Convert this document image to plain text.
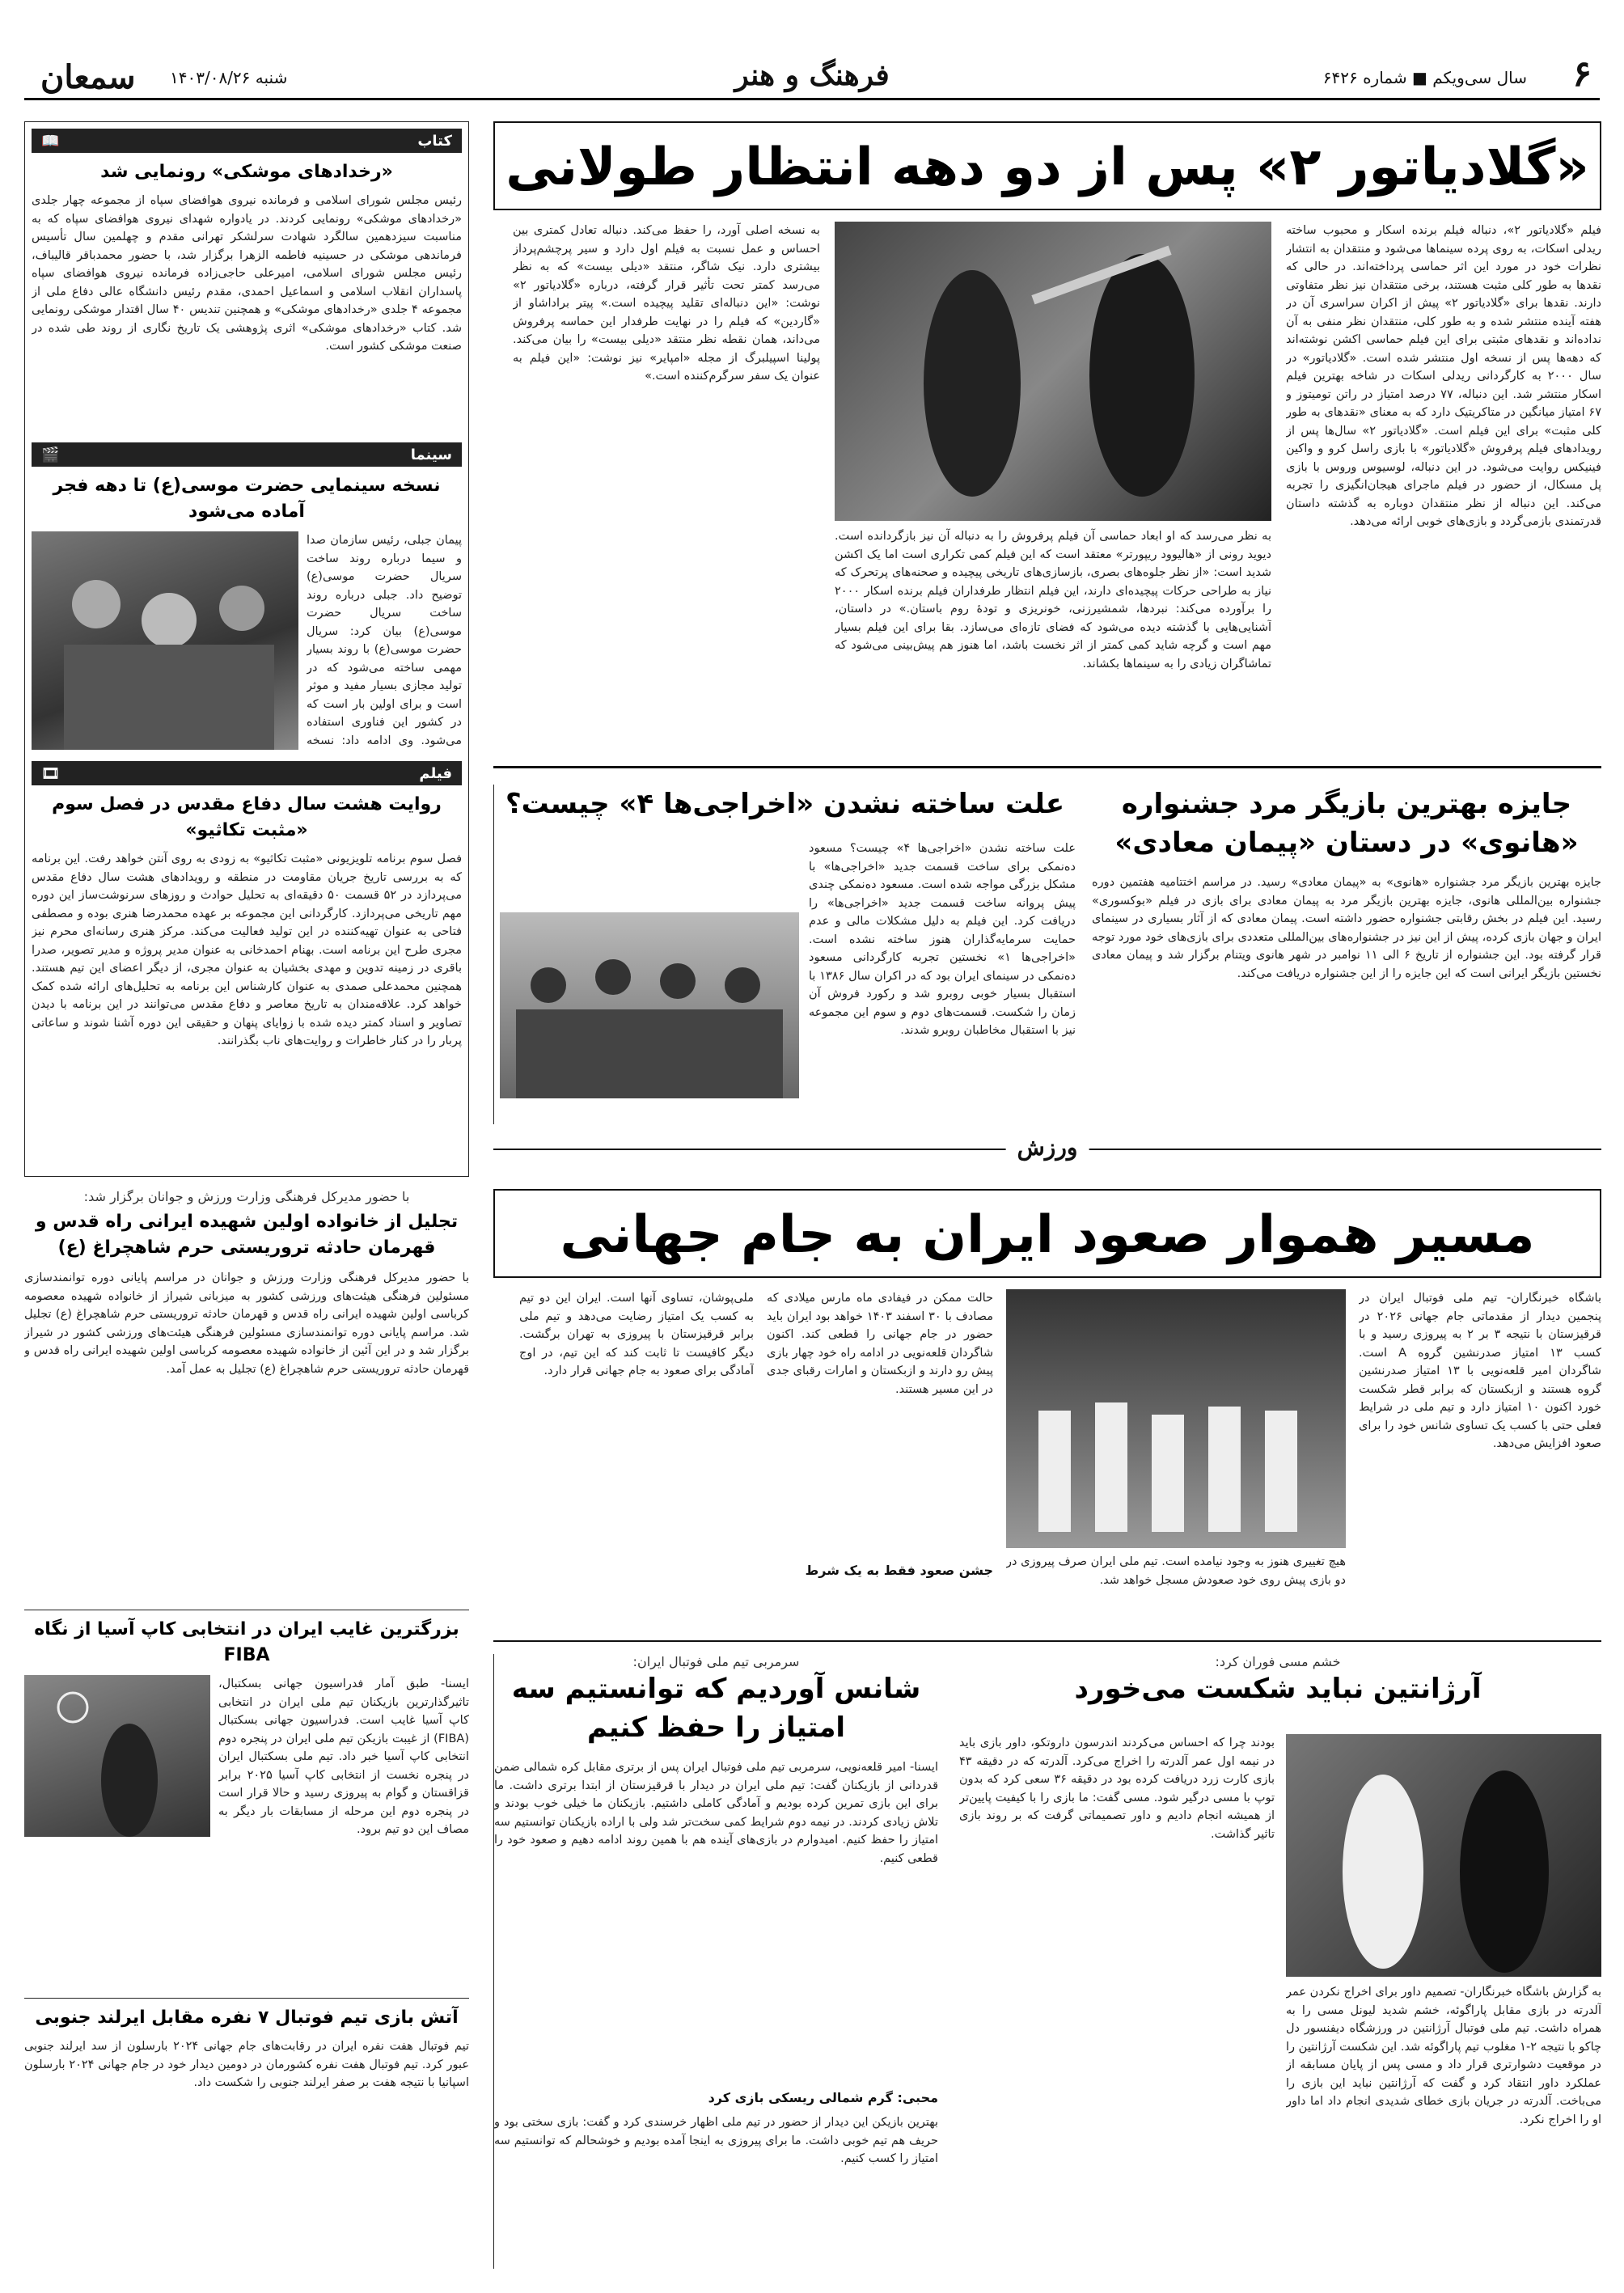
سمعان شنبه ۱۴۰۳/۰۸/۲۶	فرهنگ و هنر	سال سی‌ویکم ■ شماره ۶۴۲۶ ۶
کتاب
📖
«رخدادهای موشکی» رونمایی شد
رئیس مجلس شورای اسلامی و فرمانده نیروی هوافضای سپاه از مجموعه چهار جلدی «رخدادهای موشکی» رونمایی کردند. در یادواره شهدای نیروی هوافضای سپاه که به مناسبت سیزدهمین سالگرد شهادت سرلشکر تهرانی مقدم و چهلمین سال تأسیس فرماندهی موشکی در حسینیه فاطمه الزهرا برگزار شد، با حضور محمدباقر قالیباف، رئیس مجلس شورای اسلامی، امیرعلی حاجی‌زاده فرمانده نیروی هوافضای سپاه پاسداران انقلاب اسلامی و اسماعیل احمدی، مقدم رئیس دانشگاه عالی دفاع ملی از مجموعه ۴ جلدی «رخدادهای موشکی» و همچنین تندیس ۴۰ سال اقتدار موشکی رونمایی شد. کتاب «رخدادهای موشکی» اثری پژوهشی یک تاریخ نگاری از روند طی شده در صنعت موشکی کشور است.
سینما
🎬
نسخه سینمایی حضرت موسی(ع) تا دهه فجر آماده می‌شود
پیمان جبلی، رئیس سازمان صدا و سیما درباره روند ساخت سریال حضرت موسی(ع) توضیح داد. جبلی درباره روند ساخت سریال حضرت موسی(ع) بیان کرد: سریال حضرت موسی(ع) با روند بسیار مهمی ساخته می‌شود که در تولید مجازی بسیار مفید و موثر است و برای اولین بار است که در کشور این فناوری استفاده می‌شود. وی ادامه داد: نسخه
فیلم
🎞
روایت هشت سال دفاع مقدس در فصل سوم «مثبت تکاثیو»
فصل سوم برنامه تلویزیونی «مثبت تکاثیو» به زودی به روی آنتن خواهد رفت. این برنامه که به بررسی تاریخ جریان مقاومت در منطقه و رویدادهای هشت سال دفاع مقدس می‌پردازد در ۵۲ قسمت ۵۰ دقیقه‌ای به تحلیل حوادث و روزهای سرنوشت‌ساز این دوره مهم تاریخی می‌پردازد. کارگردانی این مجموعه بر عهده محمدرضا هنری بوده و مصطفی فتاحی به عنوان تهیه‌کننده در این تولید فعالیت می‌کند. مرکز هنری رسانه‌ای محرم نیز مجری طرح این برنامه است. بهنام احمدخانی به عنوان مدیر پروژه و مدیر تصویر، صدرا باقری در زمینه تدوین و مهدی بخشیان به عنوان مجری، از دیگر اعضای این تیم هستند. همچنین محمدعلی صمدی به عنوان کارشناس این برنامه به تحلیل‌های ارائه شده کمک خواهد کرد. علاقه‌مندان به تاریخ معاصر و دفاع مقدس می‌توانند در این برنامه با دیدن تصاویر و اسناد کمتر دیده شده با زوایای پنهان و حقیقی این دوره آشنا شوند و ساعاتی پربار را در کنار خاطرات و روایت‌های ناب بگذرانند.
«گلادیاتور ۲» پس از دو دهه انتظار طولانی
فیلم «گلادیاتور ۲»، دنباله فیلم برنده اسکار و محبوب ساخته ریدلی اسکات، به روی پرده سینماها می‌شود و منتقدان به انتشار نظرات خود در مورد این اثر حماسی پرداخته‌اند. در حالی که نقدها به طور کلی مثبت هستند، برخی منتقدان نیز نظر متفاوتی دارند. نقدها برای «گلادیاتور ۲» پیش از اکران سراسری آن در هفته آینده منتشر شده و به طور کلی، منتقدان نظر منفی به آن نداده‌اند و نقدهای مثبتی برای این فیلم حماسی اکشن نوشته‌اند که دهه‌ها پس از نسخه اول منتشر شده است. «گلادیاتور» در سال ۲۰۰۰ به کارگردانی ریدلی اسکات در شاخه بهترین فیلم اسکار منتشر شد. این دنباله، ۷۷ درصد امتیاز در راتن تومیتوز و ۶۷ امتیاز میانگین در متاکریتیک دارد که به معنای «نقدهای به طور کلی مثبت» برای این فیلم است. «گلادیاتور ۲» سال‌ها پس از رویدادهای فیلم پرفروش «گلادیاتور» با بازی راسل کرو و واکین فینیکس روایت می‌شود. در این دنباله، لوسیوس وروس با بازی پل مسکال، از حضور در فیلم ماجرای هیجان‌انگیزی را تجربه می‌کند. این دنباله از نظر منتقدان دوباره به گذشته داستان قدرتمندی بازمی‌گردد و بازی‌های خوبی ارائه می‌دهد.
به نظر می‌رسد که او ابعاد حماسی آن فیلم پرفروش را به دنباله آن نیز بازگردانده است. دیوید رونی از «هالیوود ریپورتر» معتقد است که این فیلم کمی تکراری است اما یک اکشن شدید است: «از نظر جلوه‌های بصری، بازسازی‌های تاریخی پیچیده و صحنه‌های پرتحرک که نیاز به طراحی حرکات پیچیده‌ای دارند، این فیلم انتظار طرفداران فیلم برنده اسکار ۲۰۰۰ را برآورده می‌کند: نبردها، شمشیرزنی، خونریزی و تودهٔ روم باستان.» در داستان، آشنایی‌هایی با گذشته دیده می‌شود که فضای تازه‌ای می‌سازد. بقا برای این فیلم بسیار مهم است و گرچه شاید کمی کمتر از اثر نخست باشد، اما هنوز هم پیش‌بینی می‌شود که تماشاگران زیادی را به سینماها بکشاند.
به نسخه اصلی آورد، را حفظ می‌کند. دنباله تعادل کمتری بین احساس و عمل نسبت به فیلم اول دارد و سیر پرچشم‌پرداز بیشتری دارد. نیک شاگر، منتقد «دیلی بیست» که به نظر می‌رسد کمتر تحت تأثیر قرار گرفته، درباره «گلادیاتور ۲» نوشت: «این دنباله‌ای تقلید پیچیده است.» پیتر براداشاو از «گاردین» که فیلم را در نهایت طرفدار این حماسه پرفروش می‌داند، همان نقطه نظر منتقد «دیلی بیست» را بیان می‌کند. پولینا اسپیلبرگ از مجله «امپایر» نیز نوشت: «این فیلم به عنوان یک سفر سرگرم‌کننده است.»
جایزه بهترین بازیگر مرد جشنواره «هانوی» در دستان «پیمان معادی»
جایزه بهترین بازیگر مرد جشنواره «هانوی» به «پیمان معادی» رسید. در مراسم اختتامیه هفتمین دوره جشنواره بین‌المللی هانوی، جایزه بهترین بازیگر مرد به پیمان معادی برای بازی در فیلم «بوکسوری» رسید. این فیلم در بخش رقابتی جشنواره حضور داشته است. پیمان معادی که از آثار بسیاری در سینمای ایران و جهان بازی کرده، پیش از این نیز در جشنواره‌های بین‌المللی متعددی برای بازی‌های خود مورد توجه قرار گرفته بود. این جشنواره از تاریخ ۶ الی ۱۱ نوامبر در شهر هانوی ویتنام برگزار شد و پیمان معادی نخستین بازیگر ایرانی است که این جایزه را از این جشنواره دریافت می‌کند.
علت ساخته نشدن «اخراجی‌ها ۴» چیست؟
علت ساخته نشدن «اخراجی‌ها ۴» چیست؟ مسعود ده‌نمکی برای ساخت قسمت جدید «اخراجی‌ها» با مشکل بزرگی مواجه شده است. مسعود ده‌نمکی چندی پیش پروانه ساخت قسمت جدید «اخراجی‌ها» را دریافت کرد. این فیلم به دلیل مشکلات مالی و عدم حمایت سرمایه‌گذاران هنوز ساخته نشده است. «اخراجی‌ها ۱» نخستین تجربه کارگردانی مسعود ده‌نمکی در سینمای ایران بود که در اکران سال ۱۳۸۶ با استقبال بسیار خوبی روبرو شد و رکورد فروش آن زمان را شکست. قسمت‌های دوم و سوم این مجموعه نیز با استقبال مخاطبان روبرو شدند.
ورزش
با حضور مدیرکل فرهنگی وزارت ورزش و جوانان برگزار شد:
تجلیل از خانواده اولین شهیده ایرانی راه قدس و قهرمان حادثه تروریستی حرم شاهچراغ (ع)
با حضور مدیرکل فرهنگی وزارت ورزش و جوانان در مراسم پایانی دوره توانمندسازی مسئولین فرهنگی هیئت‌های ورزشی کشور به میزبانی شیراز از خانواده شهیده معصومه کرباسی اولین شهیده ایرانی راه قدس و قهرمان حادثه تروریستی حرم شاهچراغ (ع) تجلیل شد. مراسم پایانی دوره توانمندسازی مسئولین فرهنگی هیئت‌های ورزشی کشور در شیراز برگزار شد و در این آئین از خانواده شهیده معصومه کرباسی اولین شهیده ایرانی راه قدس و قهرمان حادثه تروریستی حرم شاهچراغ (ع) تجلیل به عمل آمد.
بزرگترین غایب ایران در انتخابی کاپ آسیا از نگاه FIBA
ایسنا- طبق آمار فدراسیون جهانی بسکتبال، تاثیرگذارترین بازیکنان تیم ملی ایران در انتخابی کاپ آسیا غایب است. فدراسیون جهانی بسکتبال (FIBA) از غیبت بازیکن تیم ملی ایران در پنجره دوم انتخابی کاپ آسیا خبر داد. تیم ملی بسکتبال ایران در پنجره نخست از انتخابی کاپ آسیا ۲۰۲۵ برابر قزاقستان و گوام به پیروزی رسید و حالا قرار است در پنجره دوم این مرحله از مسابقات بار دیگر به مصاف این دو تیم برود.
آتش بازی تیم فوتبال ۷ نفره مقابل ایرلند جنوبی
تیم فوتبال هفت نفره ایران در رقابت‌های جام جهانی ۲۰۲۴ بارسلون از سد ایرلند جنوبی عبور کرد. تیم فوتبال هفت نفره کشورمان در دومین دیدار خود در جام جهانی ۲۰۲۴ بارسلون اسپانیا با نتیجه هفت بر صفر ایرلند جنوبی را شکست داد.
مسیر هموار صعود ایران به جام جهانی
باشگاه خبرنگاران- تیم ملی فوتبال ایران در پنجمین دیدار از مقدماتی جام جهانی ۲۰۲۶ در قرقیزستان با نتیجه ۳ بر ۲ به پیروزی رسید و با کسب ۱۳ امتیاز صدرنشین گروه A است. شاگردان امیر قلعه‌نویی با ۱۳ امتیاز صدرنشین گروه هستند و ازبکستان که برابر قطر شکست خورد اکنون ۱۰ امتیاز دارد و تیم ملی در شرایط فعلی حتی با کسب یک تساوی شانس خود را برای صعود افزایش می‌دهد.
هیچ تغییری هنوز به وجود نیامده است. تیم ملی ایران صرف پیروزی در دو بازی پیش روی خود صعودش مسجل خواهد شد.
حالت ممکن در فیفادی ماه مارس میلادی که مصادف با ۳۰ اسفند ۱۴۰۳ خواهد بود ایران باید حضور در جام جهانی را قطعی کند. اکنون شاگردان قلعه‌نویی در ادامه راه خود چهار بازی پیش رو دارند و ازبکستان و امارات رقبای جدی در این مسیر هستند.
جشن صعود فقط به یک شرط
ملی‌پوشان، تساوی آنها است. ایران این دو تیم به کسب یک امتیاز رضایت می‌دهد و تیم ملی برابر قرقیزستان با پیروزی به تهران برگشت. دیگر کافیست تا ثابت کند که این تیم، در اوج آمادگی برای صعود به جام جهانی قرار دارد.
خشم مسی فوران کرد:
آرژانتین نباید شکست می‌خورد
به گزارش باشگاه خبرنگاران- تصمیم داور برای اخراج نکردن عمر آلدرته در بازی مقابل پاراگوئه، خشم شدید لیونل مسی را به همراه داشت. تیم ملی فوتبال آرژانتین در ورزشگاه دیفنسور دل چاکو با نتیجه ۲-۱ مغلوب تیم پاراگوئه شد. این شکست آرژانتین را در موقعیت دشوارتری قرار داد و مسی پس از پایان مسابقه از عملکرد داور انتقاد کرد و گفت که آرژانتین نباید این بازی را می‌باخت. آلدرته در جریان بازی خطای شدیدی انجام داد اما داور او را اخراج نکرد.
بودند چرا که احساس می‌کردند اندرسون داروتکو، داور بازی باید در نیمه اول عمر آلدرته را اخراج می‌کرد. آلدرته که در دقیقه ۴۳ بازی کارت زرد دریافت کرده بود در دقیقه ۳۶ سعی کرد که بدون توپ با مسی درگیر شود. مسی گفت: ما بازی را با کیفیت پایین‌تر از همیشه انجام دادیم و داور تصمیماتی گرفت که بر روند بازی تاثیر گذاشت.
سرمربی تیم ملی فوتبال ایران:
شانس آوردیم که توانستیم سه امتیاز را حفظ کنیم
ایسنا- امیر قلعه‌نویی، سرمربی تیم ملی فوتبال ایران پس از برتری مقابل کره شمالی ضمن قدردانی از بازیکنان گفت: تیم ملی ایران در دیدار با قرقیزستان از ابتدا برتری داشت. ما برای این بازی تمرین کرده بودیم و آمادگی کاملی داشتیم. بازیکنان ما خیلی خوب بودند و تلاش زیادی کردند. در نیمه دوم شرایط کمی سخت‌تر شد ولی با اراده بازیکنان توانستیم سه امتیاز را حفظ کنیم. امیدوارم در بازی‌های آینده هم با همین روند ادامه دهیم و صعود خود را قطعی کنیم.
محبی: گرم شمالی ریسکی بازی کرد
بهترین بازیکن این دیدار از حضور در تیم ملی اظهار خرسندی کرد و گفت: بازی سختی بود و حریف هم تیم خوبی داشت. ما برای پیروزی به اینجا آمده بودیم و خوشحالم که توانستیم سه امتیاز را کسب کنیم.
